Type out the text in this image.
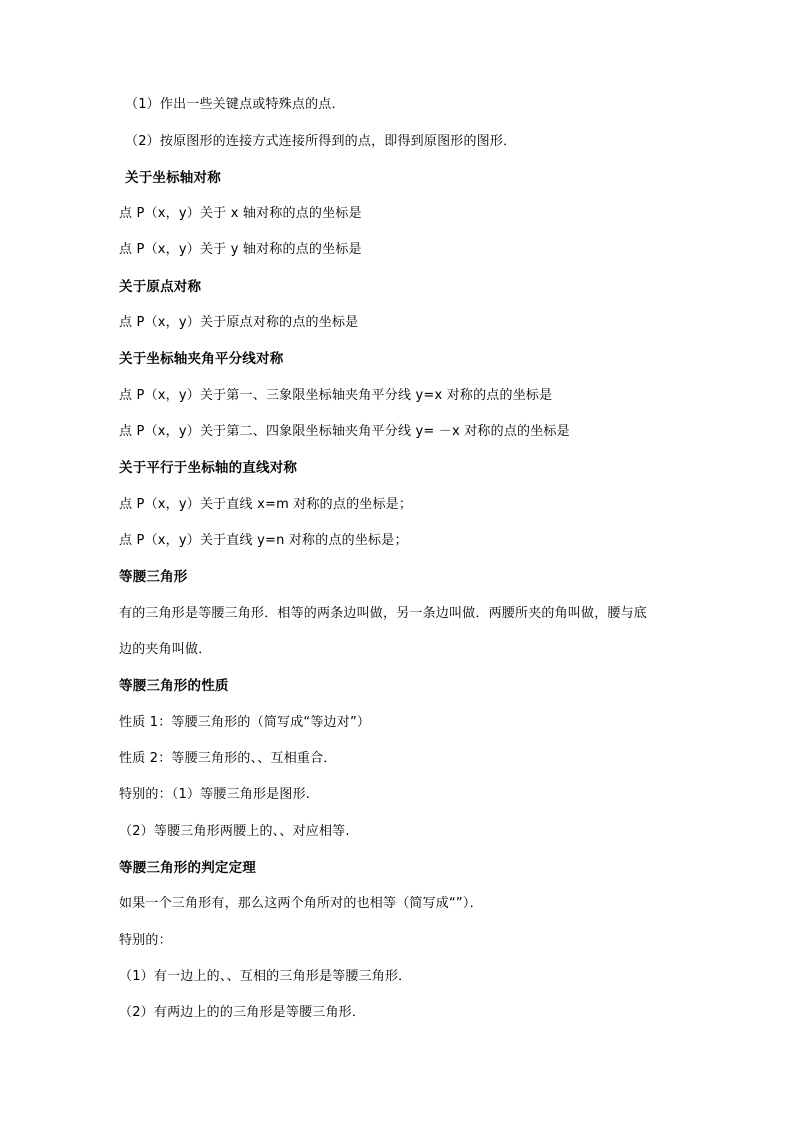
（1）作出一些关键点或特殊点的点．
（2）按原图形的连接方式连接所得到的点，即得到原图形的图形．
关于坐标轴对称
点 P（x，y）关于 x 轴对称的点的坐标是
点 P（x，y）关于 y 轴对称的点的坐标是
关于原点对称
点 P（x，y）关于原点对称的点的坐标是
关于坐标轴夹角平分线对称
点 P（x，y）关于第一、三象限坐标轴夹角平分线 y=x 对称的点的坐标是
点 P（x，y）关于第二、四象限坐标轴夹角平分线 y= －x 对称的点的坐标是
关于平行于坐标轴的直线对称
点 P（x，y）关于直线 x=m 对称的点的坐标是；
点 P（x，y）关于直线 y=n 对称的点的坐标是；
等腰三角形
有的三角形是等腰三角形．相等的两条边叫做，另一条边叫做．两腰所夹的角叫做，腰与底
边的夹角叫做．
等腰三角形的性质
性质 1：等腰三角形的（简写成“等边对”）
性质 2：等腰三角形的、、互相重合．
特别的：（1）等腰三角形是图形.
（2）等腰三角形两腰上的、、对应相等.
等腰三角形的判定定理
如果一个三角形有，那么这两个角所对的也相等（简写成“”）．
特别的：
（1）有一边上的、、互相的三角形是等腰三角形．
（2）有两边上的的三角形是等腰三角形．
